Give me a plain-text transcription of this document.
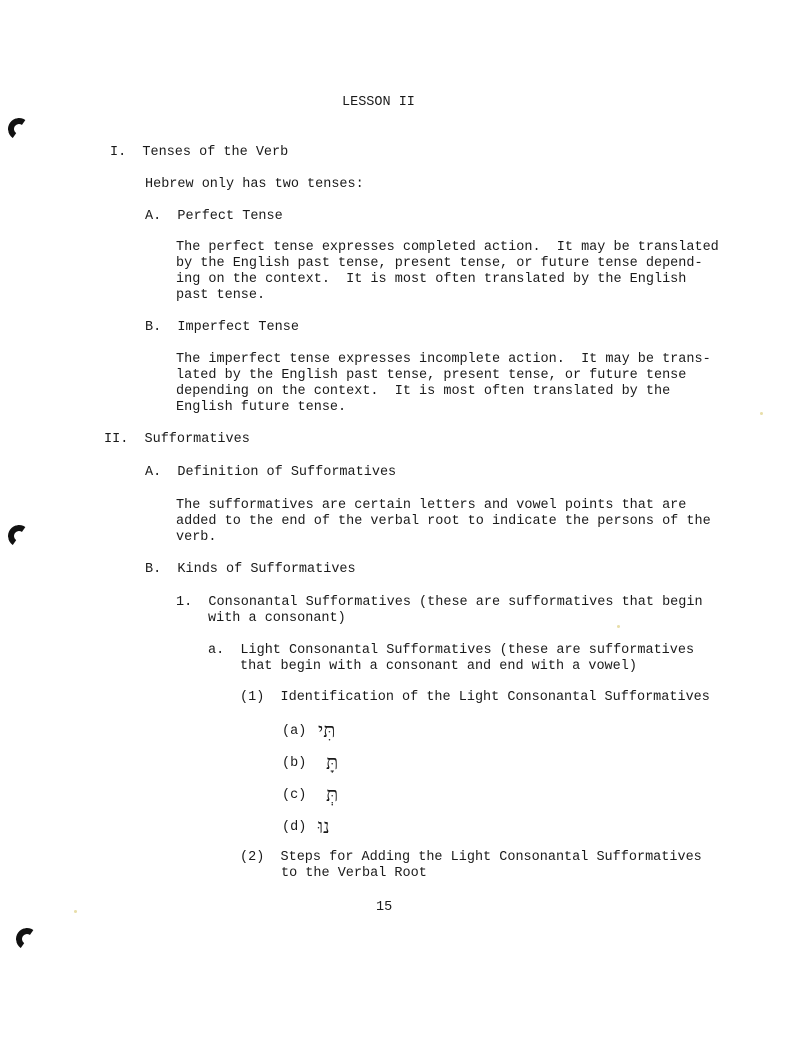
LESSON II
I.  Tenses of the Verb
Hebrew only has two tenses:
A.  Perfect Tense
The perfect tense expresses completed action.  It may be translated
by the English past tense, present tense, or future tense depend-
ing on the context.  It is most often translated by the English
past tense.
B.  Imperfect Tense
The imperfect tense expresses incomplete action.  It may be trans-
lated by the English past tense, present tense, or future tense
depending on the context.  It is most often translated by the
English future tense.
II.  Sufformatives
A.  Definition of Sufformatives
The sufformatives are certain letters and vowel points that are
added to the end of the verbal root to indicate the persons of the
verb.
B.  Kinds of Sufformatives
1.  Consonantal Sufformatives (these are sufformatives that begin
with a consonant)
a.  Light Consonantal Sufformatives (these are sufformatives
that begin with a consonant and end with a vowel)
(1)  Identification of the Light Consonantal Sufformatives
(a) תִּי
(b) תָּ
(c) תְּ
(d) נוּ
(2)  Steps for Adding the Light Consonantal Sufformatives
to the Verbal Root
15
